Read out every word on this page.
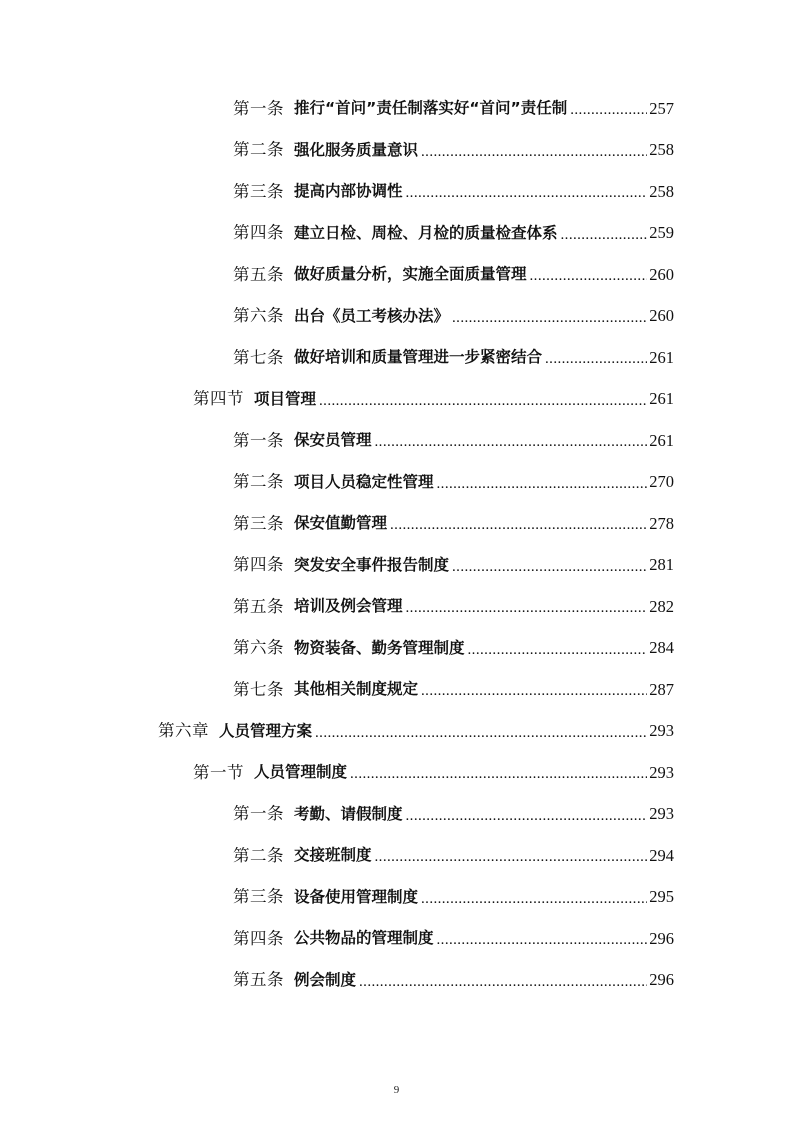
第一条 推行“首问”责任制落实好“首问”责任制 .....	257
第二条 强化服务质量意识 .....	258
第三条 提高内部协调性 .....	258
第四条 建立日检、周检、月检的质量检查体系 .....	259
第五条 做好质量分析，实施全面质量管理 .....	260
第六条 出台《员工考核办法》 .....	260
第七条 做好培训和质量管理进一步紧密结合 .....	261
第四节 项目管理 .....	261
第一条 保安员管理 .....	261
第二条 项目人员稳定性管理 .....	270
第三条 保安值勤管理 .....	278
第四条 突发安全事件报告制度 .....	281
第五条 培训及例会管理 .....	282
第六条 物资装备、勤务管理制度 .....	284
第七条 其他相关制度规定 .....	287
第六章 人员管理方案 .....	293
第一节 人员管理制度 .....	293
第一条 考勤、请假制度 .....	293
第二条 交接班制度 .....	294
第三条 设备使用管理制度 .....	295
第四条 公共物品的管理制度 .....	296
第五条 例会制度 .....	296
9
